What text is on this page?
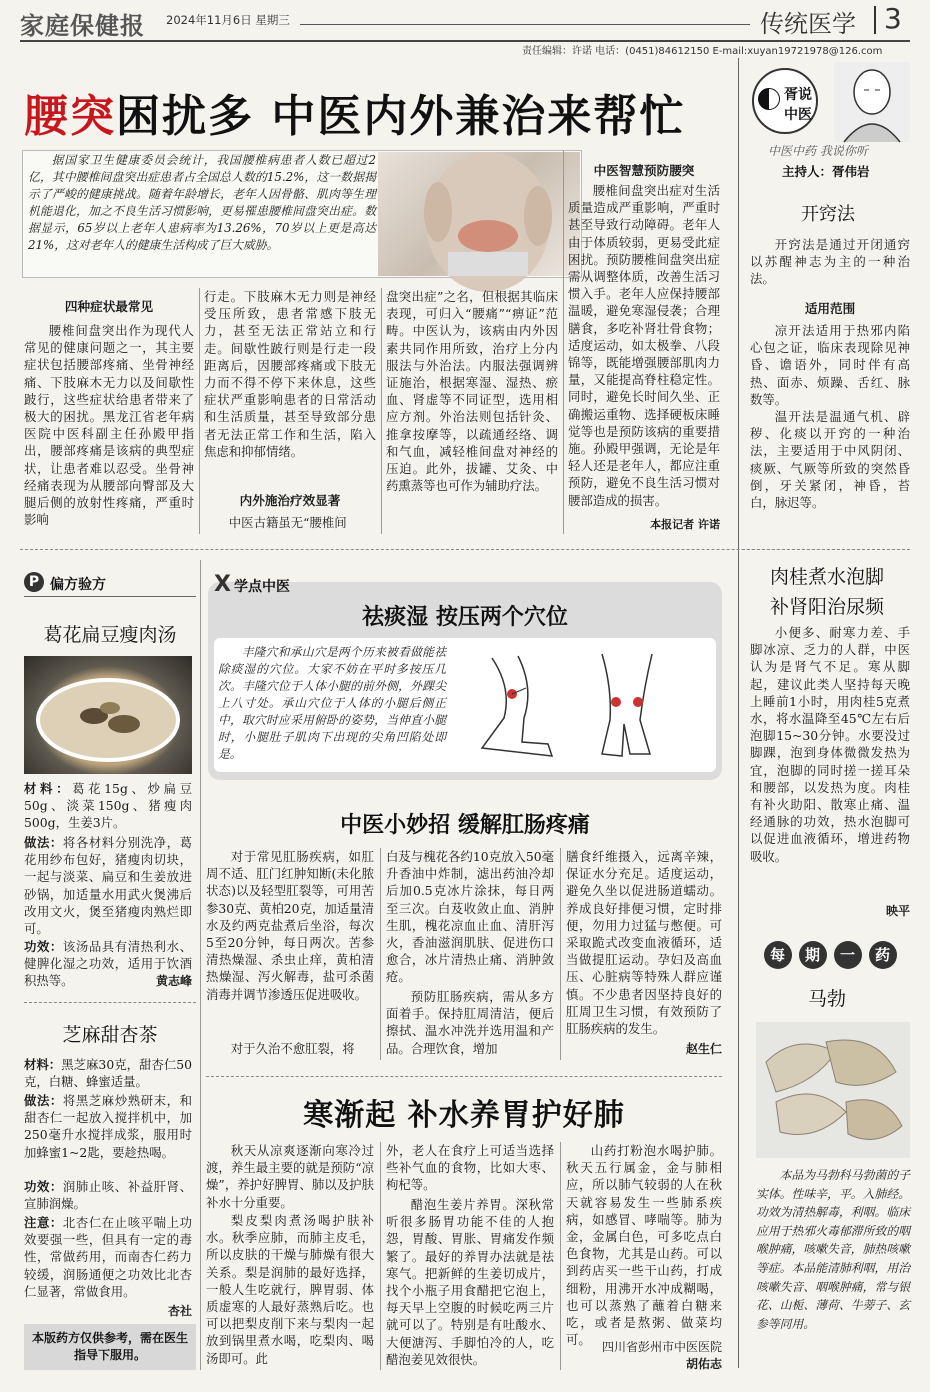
家庭保健报 2024年11月6日 星期三	传统医学 3
责任编辑：许诺 电话：(0451)84612150 E-mail:xuyan19721978@126.com
腰突困扰多 中医内外兼治来帮忙
据国家卫生健康委员会统计，我国腰椎病患者人数已超过2亿，其中腰椎间盘突出症患者占全国总人数的15.2%，这一数据揭示了严峻的健康挑战。随着年龄增长，老年人因骨骼、肌肉等生理机能退化，加之不良生活习惯影响，更易罹患腰椎间盘突出症。数据显示，65岁以上老年人患病率为13.26%，70岁以上更是高达21%，这对老年人的健康生活构成了巨大威胁。
四种症状最常见
腰椎间盘突出作为现代人常见的健康问题之一，其主要症状包括腰部疼痛、坐骨神经痛、下肢麻木无力以及间歇性跛行，这些症状给患者带来了极大的困扰。黑龙江省老年病医院中医科副主任孙殿甲指出，腰部疼痛是该病的典型症状，让患者难以忍受。坐骨神经痛表现为从腰部向臀部及大腿后侧的放射性疼痛，严重时影响
行走。下肢麻木无力则是神经受压所致，患者常感下肢无力，甚至无法正常站立和行走。间歇性跛行则是行走一段距离后，因腰部疼痛或下肢无力而不得不停下来休息，这些症状严重影响患者的日常活动和生活质量，甚至导致部分患者无法正常工作和生活，陷入焦虑和抑郁情绪。
内外施治疗效显著
中医古籍虽无“腰椎间
盘突出症”之名，但根据其临床表现，可归入“腰痛”“痹证”范畴。中医认为，该病由内外因素共同作用所致，治疗上分内服法与外治法。内服法强调辨证施治，根据寒湿、湿热、瘀血、肾虚等不同证型，选用相应方剂。外治法则包括针灸、推拿按摩等，以疏通经络、调和气血，减轻椎间盘对神经的压迫。此外，拔罐、艾灸、中药熏蒸等也可作为辅助疗法。
中医智慧预防腰突
腰椎间盘突出症对生活质量造成严重影响，严重时甚至导致行动障碍。老年人由于体质较弱，更易受此症困扰。预防腰椎间盘突出症需从调整体质，改善生活习惯入手。老年人应保持腰部温暖，避免寒湿侵袭；合理膳食，多吃补肾壮骨食物；适度运动，如太极拳、八段锦等，既能增强腰部肌肉力量，又能提高脊柱稳定性。同时，避免长时间久坐、正确搬运重物、选择硬板床睡觉等也是预防该病的重要措施。孙殿甲强调，无论是年轻人还是老年人，都应注重预防，避免不良生活习惯对腰部造成的损害。
本报记者 许诺
胥说
中医
中医中药 我说你听
主持人：胥伟岩
开窍法
开窍法是通过开闭通窍以苏醒神志为主的一种治法。
适用范围
凉开法适用于热邪内陷心包之证，临床表现除见神昏、谵语外，同时伴有高热、面赤、烦躁、舌红、脉数等。
温开法是温通气机、辟秽、化痰以开窍的一种治法，主要适用于中风阴闭、痰厥、气厥等所致的突然昏倒，牙关紧闭，神昏，苔白，脉迟等。
P 偏方验方
葛花扁豆瘦肉汤
材料：葛花15g、炒扁豆50g、淡菜150g、猪瘦肉500g，生姜3片。
做法：将各材料分别洗净，葛花用纱布包好，猪瘦肉切块，一起与淡菜、扁豆和生姜放进砂锅，加适量水用武火煲沸后改用文火，煲至猪瘦肉熟烂即可。
功效：该汤品具有清热利水、健脾化湿之功效，适用于饮酒积热等。	黄志峰
芝麻甜杏茶
材料：黑芝麻30克，甜杏仁50克，白糖、蜂蜜适量。
做法：将黑芝麻炒熟研末，和甜杏仁一起放入搅拌机中，加250毫升水搅拌成浆，服用时加蜂蜜1~2匙，要趁热喝。
功效：润肺止咳、补益肝肾、宣肺润燥。
注意：北杏仁在止咳平喘上功效要强一些，但具有一定的毒性，常做药用，而南杏仁药力较缓，润肠通便之功效比北杏仁显著，常做食用。
杏社
本版药方仅供参考，需在医生指导下服用。
X 学点中医
祛痰湿 按压两个穴位
丰隆穴和承山穴是两个历来被看做能祛除痰湿的穴位。大家不妨在平时多按压几次。丰隆穴位于人体小腿的前外侧，外踝尖上八寸处。承山穴位于人体的小腿后侧正中，取穴时应采用俯卧的姿势，当伸直小腿时，小腿肚子肌肉下出现的尖角凹陷处即是。
中医小妙招 缓解肛肠疼痛
对于常见肛肠疾病，如肛周不适、肛门红肿知断(未化脓状态)以及轻型肛裂等，可用苦参30克、黄柏20克，加适量清水及约两克盐煮后坐浴，每次5至20分钟，每日两次。苦参清热燥湿、杀虫止痒，黄柏清热燥湿、泻火解毒，盐可杀菌消毒并调节渗透压促进吸收。
对于久治不愈肛裂，将
白芨与槐花各约10克放入50毫升香油中炸制，滤出药油冷却后加0.5克冰片涂抹，每日两至三次。白芨收敛止血、消肿生肌，槐花凉血止血、清肝泻火，香油滋润肌肤、促进伤口愈合，冰片清热止痛、消肿敛疮。
预防肛肠疾病，需从多方面着手。保持肛周清洁，便后擦拭、温水冲洗并选用温和产品。合理饮食，增加
膳食纤维摄入，远离辛辣，保证水分充足。适度运动，避免久坐以促进肠道蠕动。养成良好排便习惯，定时排便，勿用力过猛与憋便。可采取跪式改变血液循环，适当做提肛运动。孕妇及高血压、心脏病等特殊人群应谨慎。不少患者因坚持良好的肛周卫生习惯，有效预防了肛肠疾病的发生。
赵生仁
寒渐起 补水养胃护好肺
秋天从凉爽逐渐向寒冷过渡，养生最主要的就是预防“凉燥”，养护好脾胃、肺以及护肤补水十分重要。
梨皮梨肉煮汤喝护肤补水。秋季应肺，而肺主皮毛，所以皮肤的干燥与肺燥有很大关系。梨是润肺的最好选择，一般人生吃就行，脾胃弱、体质虚寒的人最好蒸熟后吃。也可以把梨皮削下来与梨肉一起放到锅里煮水喝，吃梨肉、喝汤即可。此
外，老人在食疗上可适当选择些补气血的食物，比如大枣、枸杞等。
醋泡生姜片养胃。深秋常听很多肠胃功能不佳的人抱怨，胃酸、胃胀、胃痛发作频繁了。最好的养胃办法就是祛寒气。把新鲜的生姜切成片，找个小瓶子用食醋把它泡上，每天早上空腹的时候吃两三片就可以了。特别是有吐酸水、大便溏泻、手脚怕冷的人，吃醋泡姜见效很快。
山药打粉泡水喝护肺。秋天五行属金，金与肺相应，所以肺气较弱的人在秋天就容易发生一些肺系疾病，如感冒、哮喘等。肺为金，金属白色，可多吃点白色食物，尤其是山药。可以到药店买一些干山药，打成细粉，用沸开水冲成糊喝，也可以蒸熟了蘸着白糖来吃，或者是熬粥、做菜均可。 四川省彭州市中医医院
胡佑志
肉桂煮水泡脚
补肾阳治尿频
小便多、耐寒力差、手脚冰凉、乏力的人群，中医认为是肾气不足。寒从脚起，建议此类人坚持每天晚上睡前1小时，用肉桂5克煮水，将水温降至45℃左右后泡脚15~30分钟。水要没过脚踝，泡到身体微微发热为宜，泡脚的同时搓一搓耳朵和腰部，以发热为度。肉桂有补火助阳、散寒止痛、温经通脉的功效，热水泡脚可以促进血液循环，增进药物吸收。
映平
每	期	一	药
马勃
本品为马勃科马勃菌的子实体。性味辛，平。入肺经。功效为清热解毒，利咽。临床应用于热邪火毒郁滞所致的咽喉肿痛，咳嗽失音，肺热咳嗽等症。本品能清肺利咽，用治咳嗽失音、咽喉肿痛，常与银花、山栀、薄荷、牛蒡子、玄参等同用。
